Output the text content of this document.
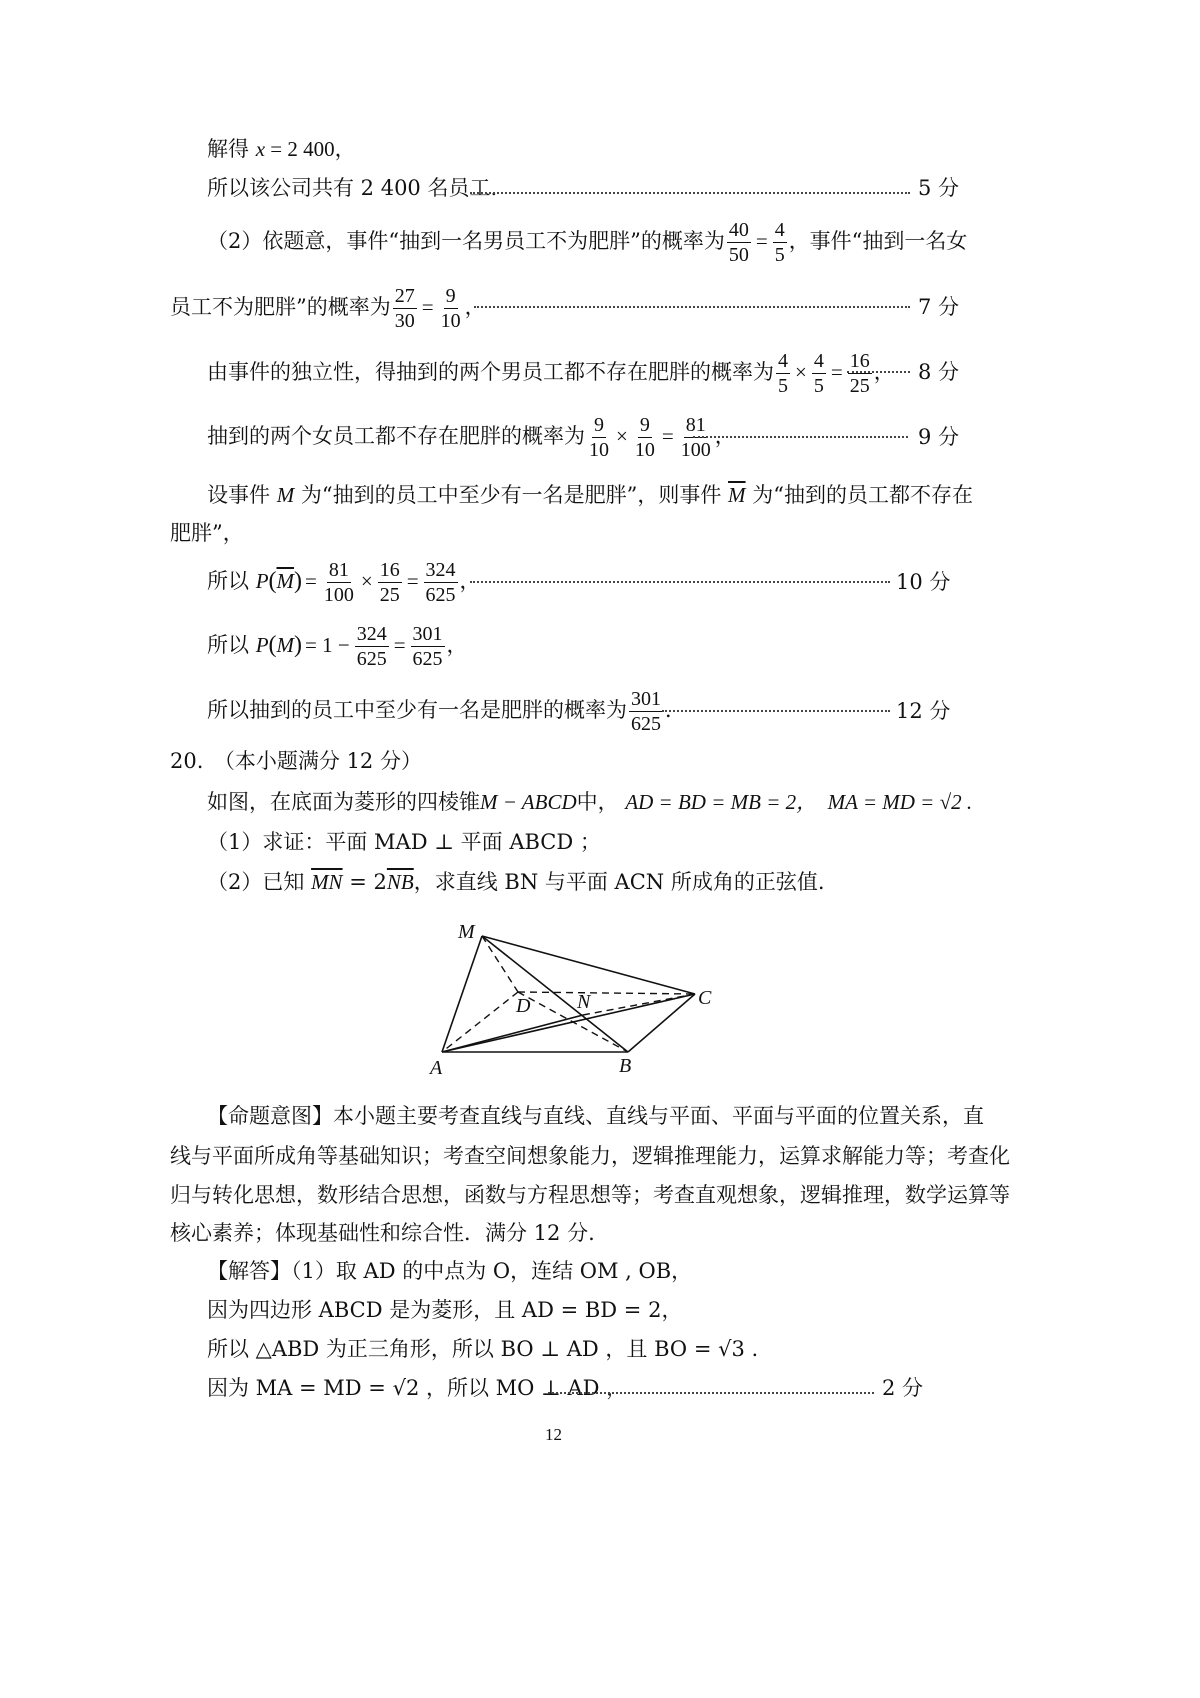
解得 x = 2 400，
所以该公司共有 2 400 名员工.	5 分
（2）依题意，事件“抽到一名男员工不为肥胖”的概率为 $\frac{40}{50} = \frac{4}{5}$ ，事件“抽到一名女
员工不为肥胖”的概率为 $\frac{27}{30} = \frac{9}{10}$ ，	7 分
由事件的独立性，得抽到的两个男员工都不存在肥胖的概率为 $\frac{4}{5} \times \frac{4}{5} = \frac{16}{25}$ ， 8 分
抽到的两个女员工都不存在肥胖的概率为 $\frac{9}{10} \times \frac{9}{10} = \frac{81}{100}$ ，	9 分
设事件 M 为“抽到的员工中至少有一名是肥胖”，则事件 $\overline{M}$ 为“抽到的员工都不存在
肥胖”，
所以 $P(\overline{M}) = \frac{81}{100} \times \frac{16}{25} = \frac{324}{625}$ ，	10 分
所以 $P(M) = 1 - \frac{324}{625} = \frac{301}{625}$ ，
所以抽到的员工中至少有一名是肥胖的概率为 $\frac{301}{625}$ ．	12 分
20.　（本小题满分 12 分）
如图，在底面为菱形的四棱锥M − ABCD中， AD = BD = MB = 2，　MA = MD = √2 .
（1）求证：平面 MAD ⊥ 平面 ABCD ；
（2）已知 $\overline{MN} = 2\overline{NB}$，求直线 BN 与平面 ACN 所成角的正弦值.
M
D N	C
A	B
【命题意图】本小题主要考查直线与直线、直线与平面、平面与平面的位置关系，直
线与平面所成角等基础知识；考查空间想象能力，逻辑推理能力，运算求解能力等；考查化
归与转化思想，数形结合思想，函数与方程思想等；考查直观想象，逻辑推理，数学运算等
核心素养；体现基础性和综合性．满分 12 分.
【解答】（1）取 AD 的中点为 O，连结 OM , OB，
因为四边形 ABCD 是为菱形，且 AD = BD = 2，
所以 △ABD 为正三角形，所以 BO ⊥ AD ，且 BO = √3 .
因为 MA = MD = √2 ，所以 MO ⊥ AD ，	2 分
12
